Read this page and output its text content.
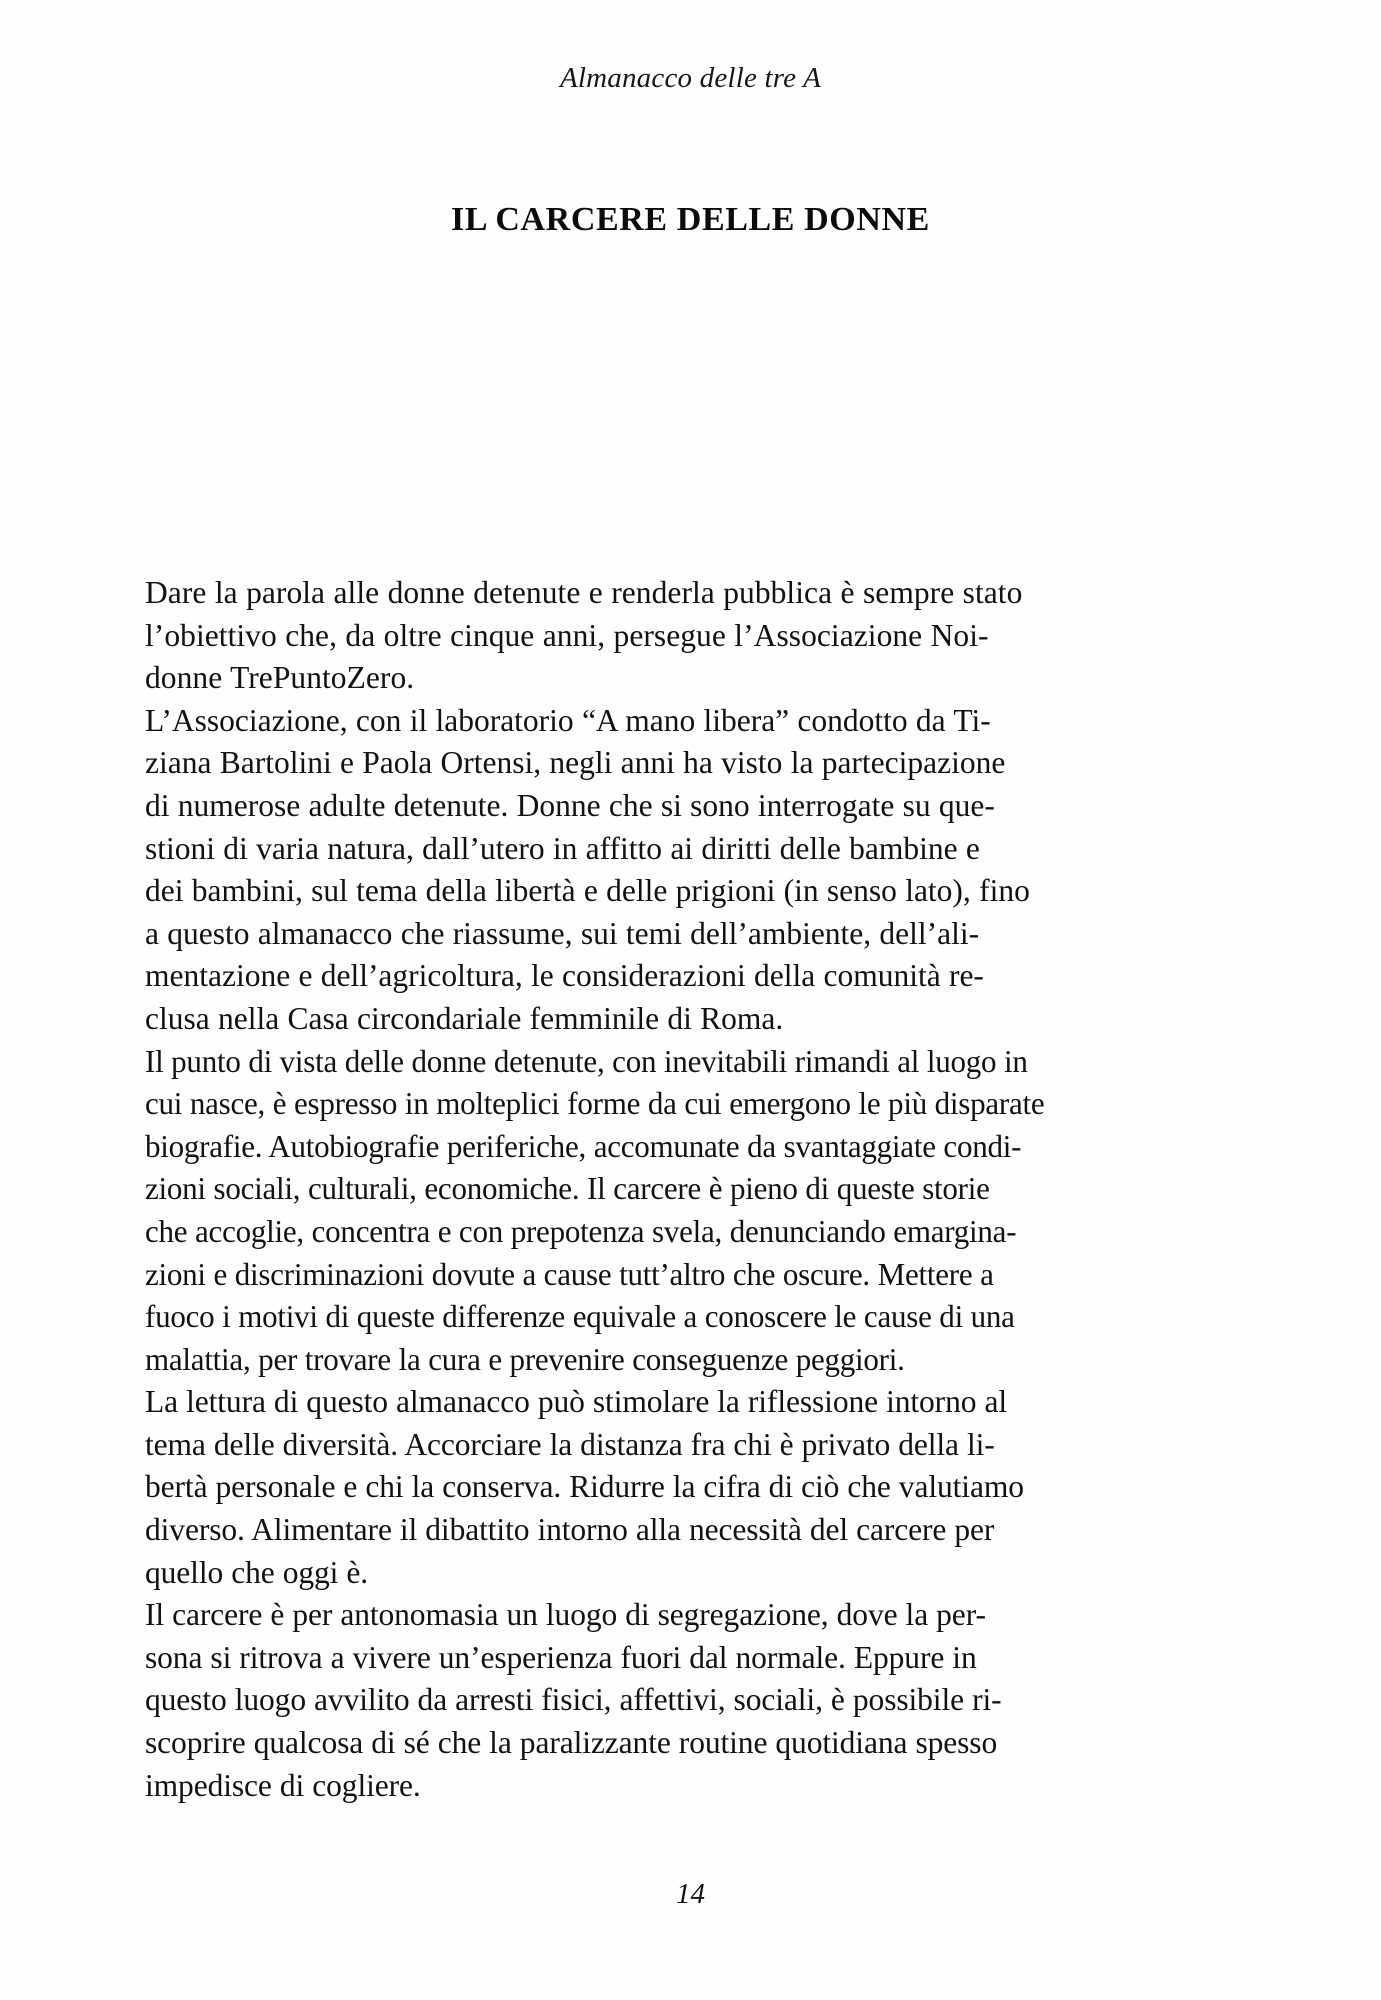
Almanacco delle tre A
IL CARCERE DELLE DONNE
Dare la parola alle donne detenute e renderla pubblica è sempre stato
l’obiettivo che, da oltre cinque anni, persegue l’Associazione Noi-
donne TrePuntoZero.
L’Associazione, con il laboratorio “A mano libera” condotto da Ti-
ziana Bartolini e Paola Ortensi, negli anni ha visto la partecipazione
di numerose adulte detenute. Donne che si sono interrogate su que-
stioni di varia natura, dall’utero in affitto ai diritti delle bambine e
dei bambini, sul tema della libertà e delle prigioni (in senso lato), fino
a questo almanacco che riassume, sui temi dell’ambiente, dell’ali-
mentazione e dell’agricoltura, le considerazioni della comunità re-
clusa nella Casa circondariale femminile di Roma.
Il punto di vista delle donne detenute, con inevitabili rimandi al luogo in
cui nasce, è espresso in molteplici forme da cui emergono le più disparate
biografie. Autobiografie periferiche, accomunate da svantaggiate condi-
zioni sociali, culturali, economiche. Il carcere è pieno di queste storie
che accoglie, concentra e con prepotenza svela, denunciando emargina-
zioni e discriminazioni dovute a cause tutt’altro che oscure. Mettere a
fuoco i motivi di queste differenze equivale a conoscere le cause di una
malattia, per trovare la cura e prevenire conseguenze peggiori.
La lettura di questo almanacco può stimolare la riflessione intorno al
tema delle diversità. Accorciare la distanza fra chi è privato della li-
bertà personale e chi la conserva. Ridurre la cifra di ciò che valutiamo
diverso. Alimentare il dibattito intorno alla necessità del carcere per
quello che oggi è.
Il carcere è per antonomasia un luogo di segregazione, dove la per-
sona si ritrova a vivere un’esperienza fuori dal normale. Eppure in
questo luogo avvilito da arresti fisici, affettivi, sociali, è possibile ri-
scoprire qualcosa di sé che la paralizzante routine quotidiana spesso
impedisce di cogliere.
14
